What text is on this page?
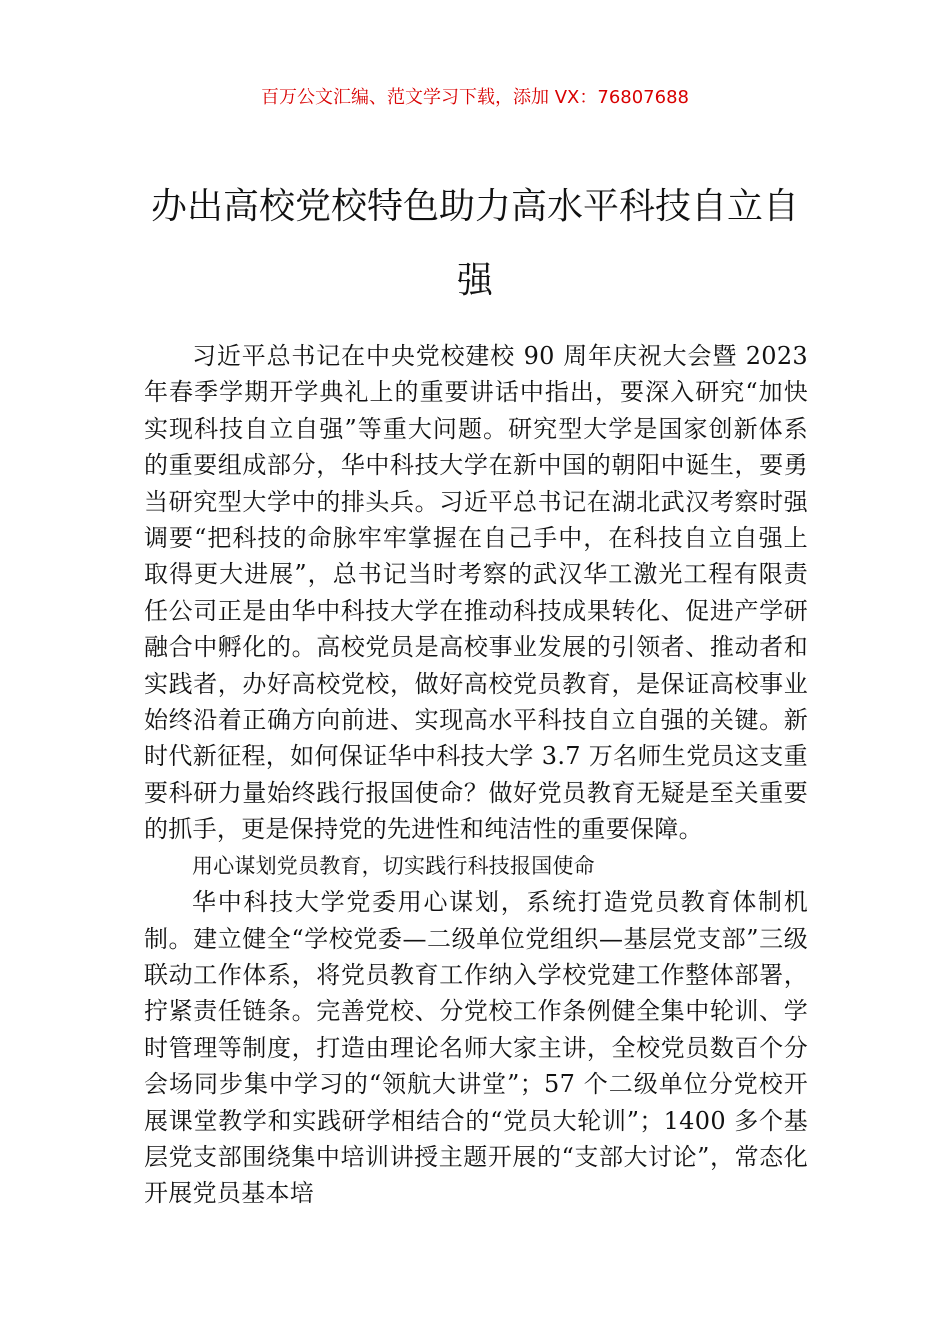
百万公文汇编、范文学习下载，添加 VX：76807688
办出高校党校特色助力高水平科技自立自强

习近平总书记在中央党校建校 90 周年庆祝大会暨 2023 年春季学期开学典礼上的重要讲话中指出，要深入研究“加快实现科技自立自强”等重大问题。研究型大学是国家创新体系的重要组成部分，华中科技大学在新中国的朝阳中诞生，要勇当研究型大学中的排头兵。习近平总书记在湖北武汉考察时强调要“把科技的命脉牢牢掌握在自己手中，在科技自立自强上取得更大进展”，总书记当时考察的武汉华工激光工程有限责任公司正是由华中科技大学在推动科技成果转化、促进产学研融合中孵化的。高校党员是高校事业发展的引领者、推动者和实践者，办好高校党校，做好高校党员教育，是保证高校事业始终沿着正确方向前进、实现高水平科技自立自强的关键。新时代新征程，如何保证华中科技大学 3.7 万名师生党员这支重要科研力量始终践行报国使命？做好党员教育无疑是至关重要的抓手，更是保持党的先进性和纯洁性的重要保障。

用心谋划党员教育，切实践行科技报国使命

华中科技大学党委用心谋划，系统打造党员教育体制机制。建立健全“学校党委—二级单位党组织—基层党支部”三级联动工作体系，将党员教育工作纳入学校党建工作整体部署，拧紧责任链条。完善党校、分党校工作条例健全集中轮训、学时管理等制度，打造由理论名师大家主讲，全校党员数百个分会场同步集中学习的“领航大讲堂”；57 个二级单位分党校开展课堂教学和实践研学相结合的“党员大轮训”；1400 多个基层党支部围绕集中培训讲授主题开展的“支部大讨论”，常态化开展党员基本培
